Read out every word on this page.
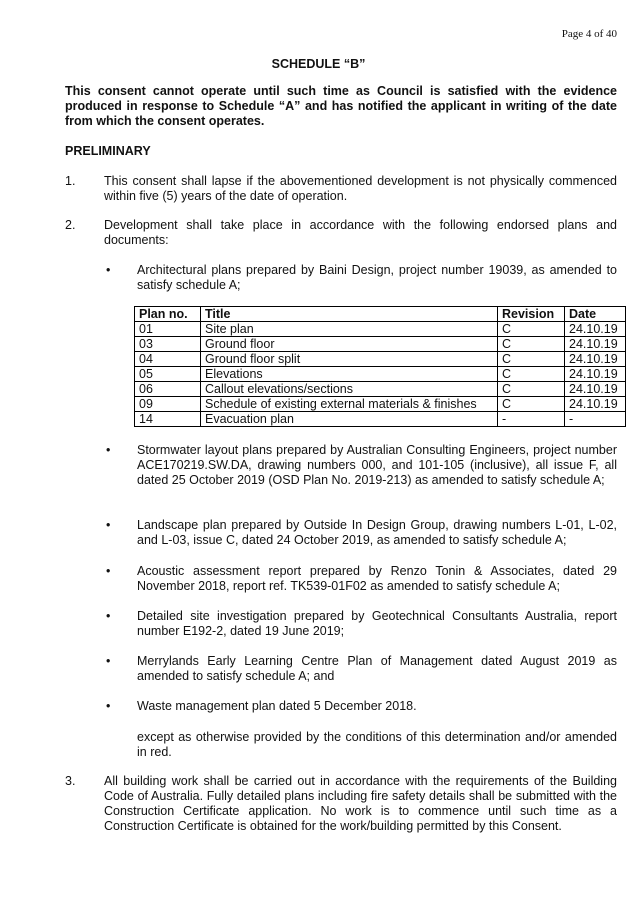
Page 4 of 40
SCHEDULE “B”
This consent cannot operate until such time as Council is satisfied with the evidence produced in response to Schedule “A” and has notified the applicant in writing of the date from which the consent operates.
PRELIMINARY
1. This consent shall lapse if the abovementioned development is not physically commenced within five (5) years of the date of operation.
2. Development shall take place in accordance with the following endorsed plans and documents:
• Architectural plans prepared by Baini Design, project number 19039, as amended to satisfy schedule A;
Plan no.	Title	Revision	Date
01	Site plan	C	24.10.19
03	Ground floor	C	24.10.19
04	Ground floor split	C	24.10.19
05	Elevations	C	24.10.19
06	Callout elevations/sections	C	24.10.19
09	Schedule of existing external materials & finishes	C	24.10.19
14	Evacuation plan	-	-
• Stormwater layout plans prepared by Australian Consulting Engineers, project number ACE170219.SW.DA, drawing numbers 000, and 101-105 (inclusive), all issue F, all dated 25 October 2019 (OSD Plan No. 2019-213) as amended to satisfy schedule A;
• Landscape plan prepared by Outside In Design Group, drawing numbers L-01, L-02, and L-03, issue C, dated 24 October 2019, as amended to satisfy schedule A;
• Acoustic assessment report prepared by Renzo Tonin & Associates, dated 29 November 2018, report ref. TK539-01F02 as amended to satisfy schedule A;
• Detailed site investigation prepared by Geotechnical Consultants Australia, report number E192-2, dated 19 June 2019;
• Merrylands Early Learning Centre Plan of Management dated August 2019 as amended to satisfy schedule A; and
• Waste management plan dated 5 December 2018.
except as otherwise provided by the conditions of this determination and/or amended in red.
3. All building work shall be carried out in accordance with the requirements of the Building Code of Australia. Fully detailed plans including fire safety details shall be submitted with the Construction Certificate application. No work is to commence until such time as a Construction Certificate is obtained for the work/building permitted by this Consent.
